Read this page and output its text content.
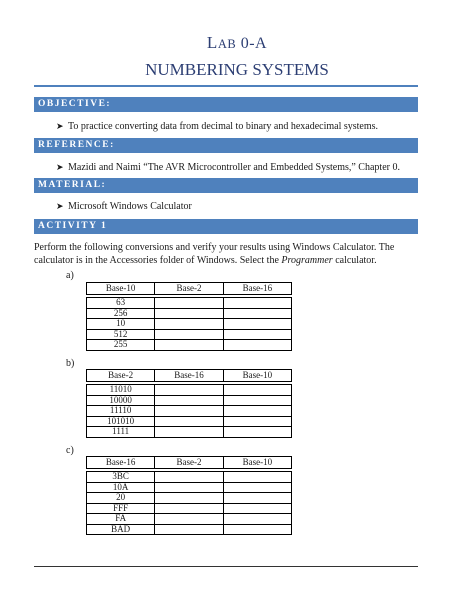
LAB 0-A
NUMBERING SYSTEMS
OBJECTIVE:
➤ To practice converting data from decimal to binary and hexadecimal systems.
REFERENCE:
➤ Mazidi and Naimi “The AVR Microcontroller and Embedded Systems,” Chapter 0.
MATERIAL:
➤ Microsoft Windows Calculator
ACTIVITY 1
Perform the following conversions and verify your results using Windows Calculator. The calculator is in the Accessories folder of Windows. Select the Programmer calculator.
a)
Base-10	Base-2	Base-16

63		
256		
10		
512		
255		
b)
Base-2	Base-16	Base-10

11010		
10000		
11110		
101010		
1111		
c)
Base-16	Base-2	Base-10

3BC		
10A		
20		
FFF		
FA		
BAD		
